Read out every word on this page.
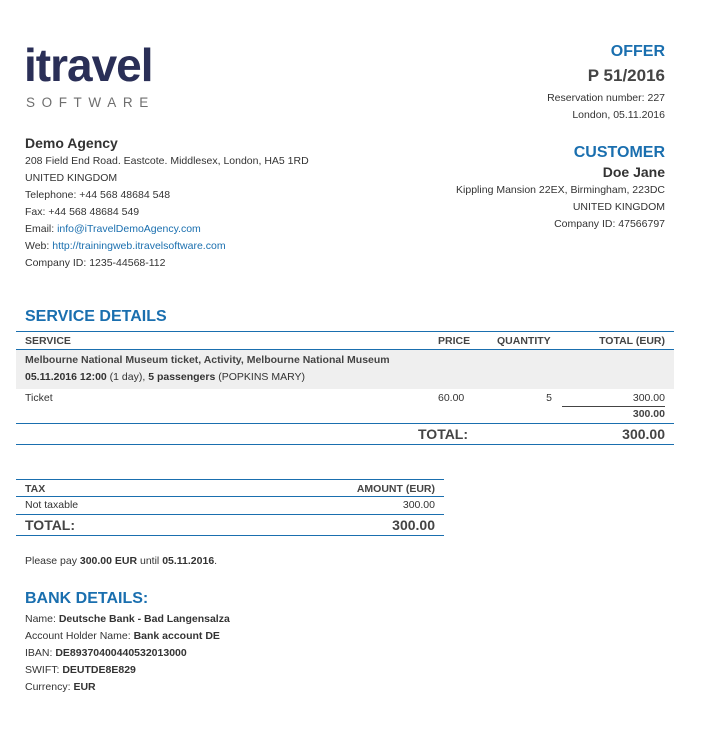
itravel
SOFTWARE
OFFER
P 51/2016
Reservation number: 227
London, 05.11.2016
Demo Agency
208 Field End Road. Eastcote. Middlesex, London, HA5 1RD
UNITED KINGDOM
Telephone: +44 568 48684 548
Fax: +44 568 48684 549
Email: info@iTravelDemoAgency.com
Web: http://trainingweb.itravelsoftware.com
Company ID: 1235-44568-112
CUSTOMER
Doe Jane
Kippling Mansion 22EX, Birmingham, 223DC
UNITED KINGDOM
Company ID: 47566797
SERVICE DETAILS
SERVICE	PRICE	QUANTITY	TOTAL (EUR)
Melbourne National Museum ticket, Activity, Melbourne National Museum
05.11.2016 12:00 (1 day), 5 passengers (POPKINS MARY)
Ticket	60.00	5	300.00
300.00
TOTAL:	300.00
TAX	AMOUNT (EUR)
Not taxable	300.00
TOTAL:	300.00
Please pay 300.00 EUR until 05.11.2016.
BANK DETAILS:
Name: Deutsche Bank - Bad Langensalza
Account Holder Name: Bank account DE
IBAN: DE89370400440532013000
SWIFT: DEUTDE8E829
Currency: EUR
